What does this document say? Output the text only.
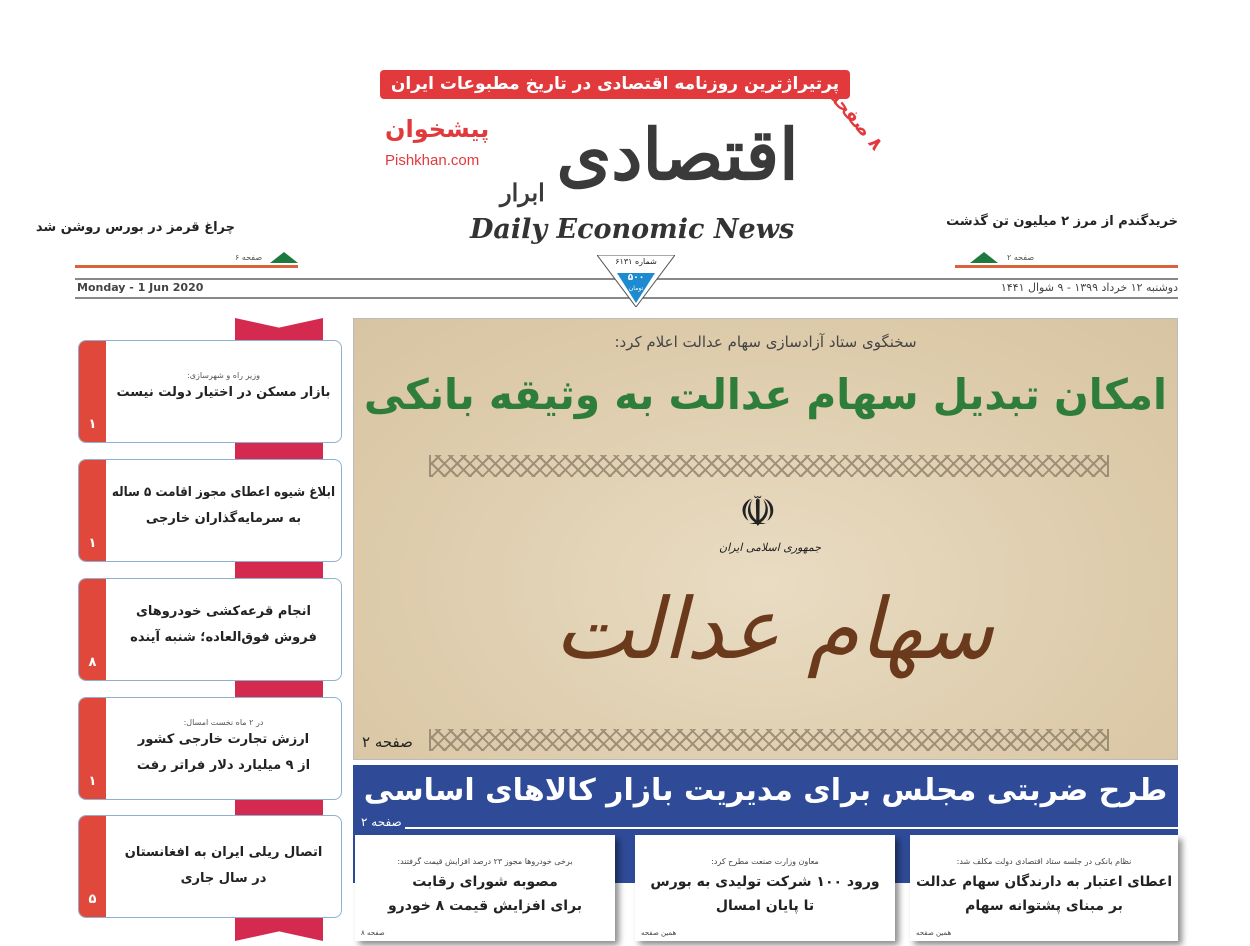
پرتیراژترین روزنامه اقتصادی در تاریخ مطبوعات ایران
اقتصادی
ابرار
۸ صفحه
پیشخوان
Pishkhan.com
Daily Economic News
چراغ قرمز در بورس روشن شد
صفحه ۶
خریدگندم از مرز ۲ میلیون تن گذشت
صفحه ۲
Monday - 1 Jun 2020	دوشنبه ۱۲ خرداد ۱۳۹۹ - ۹ شوال ۱۴۴۱
شماره ۶۱۳۱
۵۰۰
تومان
سخنگوی ستاد آزادسازی سهام عدالت اعلام کرد:
امکان تبدیل سهام عدالت به وثیقه بانکی
☫
جمهوری اسلامی ایران
سهام عدالت
صفحه ۲
طرح ضربتی مجلس برای مدیریت بازار کالاهای اساسی
صفحه ۲
برخی خودروها مجوز ۲۳ درصد افزایش قیمت گرفتند:
مصوبه شورای رقابت
برای افزایش قیمت ۸ خودرو
صفحه ۸
معاون وزارت صنعت مطرح کرد:
ورود ۱۰۰ شرکت تولیدی به بورس
تا پایان امسال
همین صفحه
نظام بانکی در جلسه ستاد اقتصادی دولت مکلف شد:
اعطای اعتبار به دارندگان سهام عدالت
بر مبنای پشتوانه سهام
همین صفحه
۱
وزیر راه و شهرسازی:
بازار مسکن در اختیار دولت نیست
۱
ابلاغ شیوه اعطای مجوز اقامت ۵ ساله
به سرمایه‌گذاران خارجی
۸
انجام قرعه‌کشی خودروهای
فروش فوق‌العاده؛ شنبه آینده
۱
در ۲ ماه نخست امسال:
ارزش تجارت خارجی کشور
از ۹ میلیارد دلار فراتر رفت
۵
اتصال ریلی ایران به افغانستان
در سال جاری
